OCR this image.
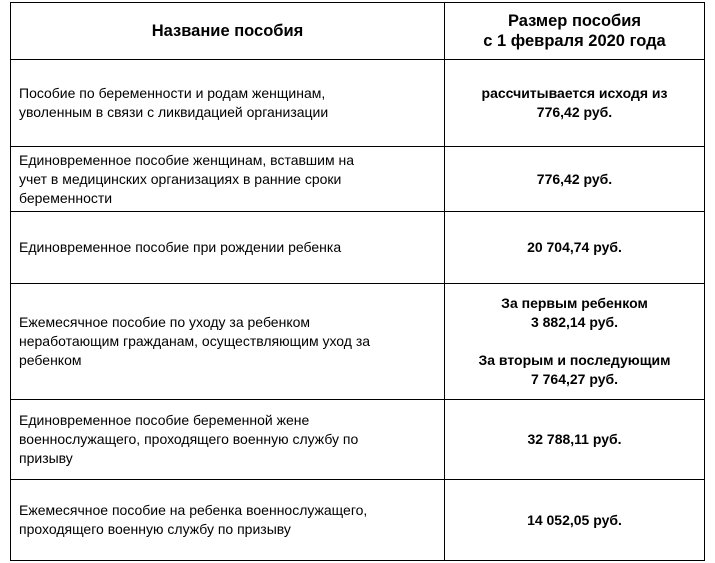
Название пособия	Размер пособия
с 1 февраля 2020 года

Пособие по беременности и родам женщинам,
уволенным в связи с ликвидацией организации	рассчитывается исходя из
776,42 руб.

Единовременное пособие женщинам, вставшим на
учет в медицинских организациях в ранние сроки
беременности	776,42 руб.

Единовременное пособие при рождении ребенка	20 704,74 руб.

Ежемесячное пособие по уходу за ребенком
неработающим гражданам, осуществляющим уход за
ребенком	За первым ребенком
3 882,14 руб.
За вторым и последующим
7 764,27 руб.

Единовременное пособие беременной жене
военнослужащего, проходящего военную службу по
призыву	32 788,11 руб.

Ежемесячное пособие на ребенка военнослужащего,
проходящего военную службу по призыву	14 052,05 руб.
